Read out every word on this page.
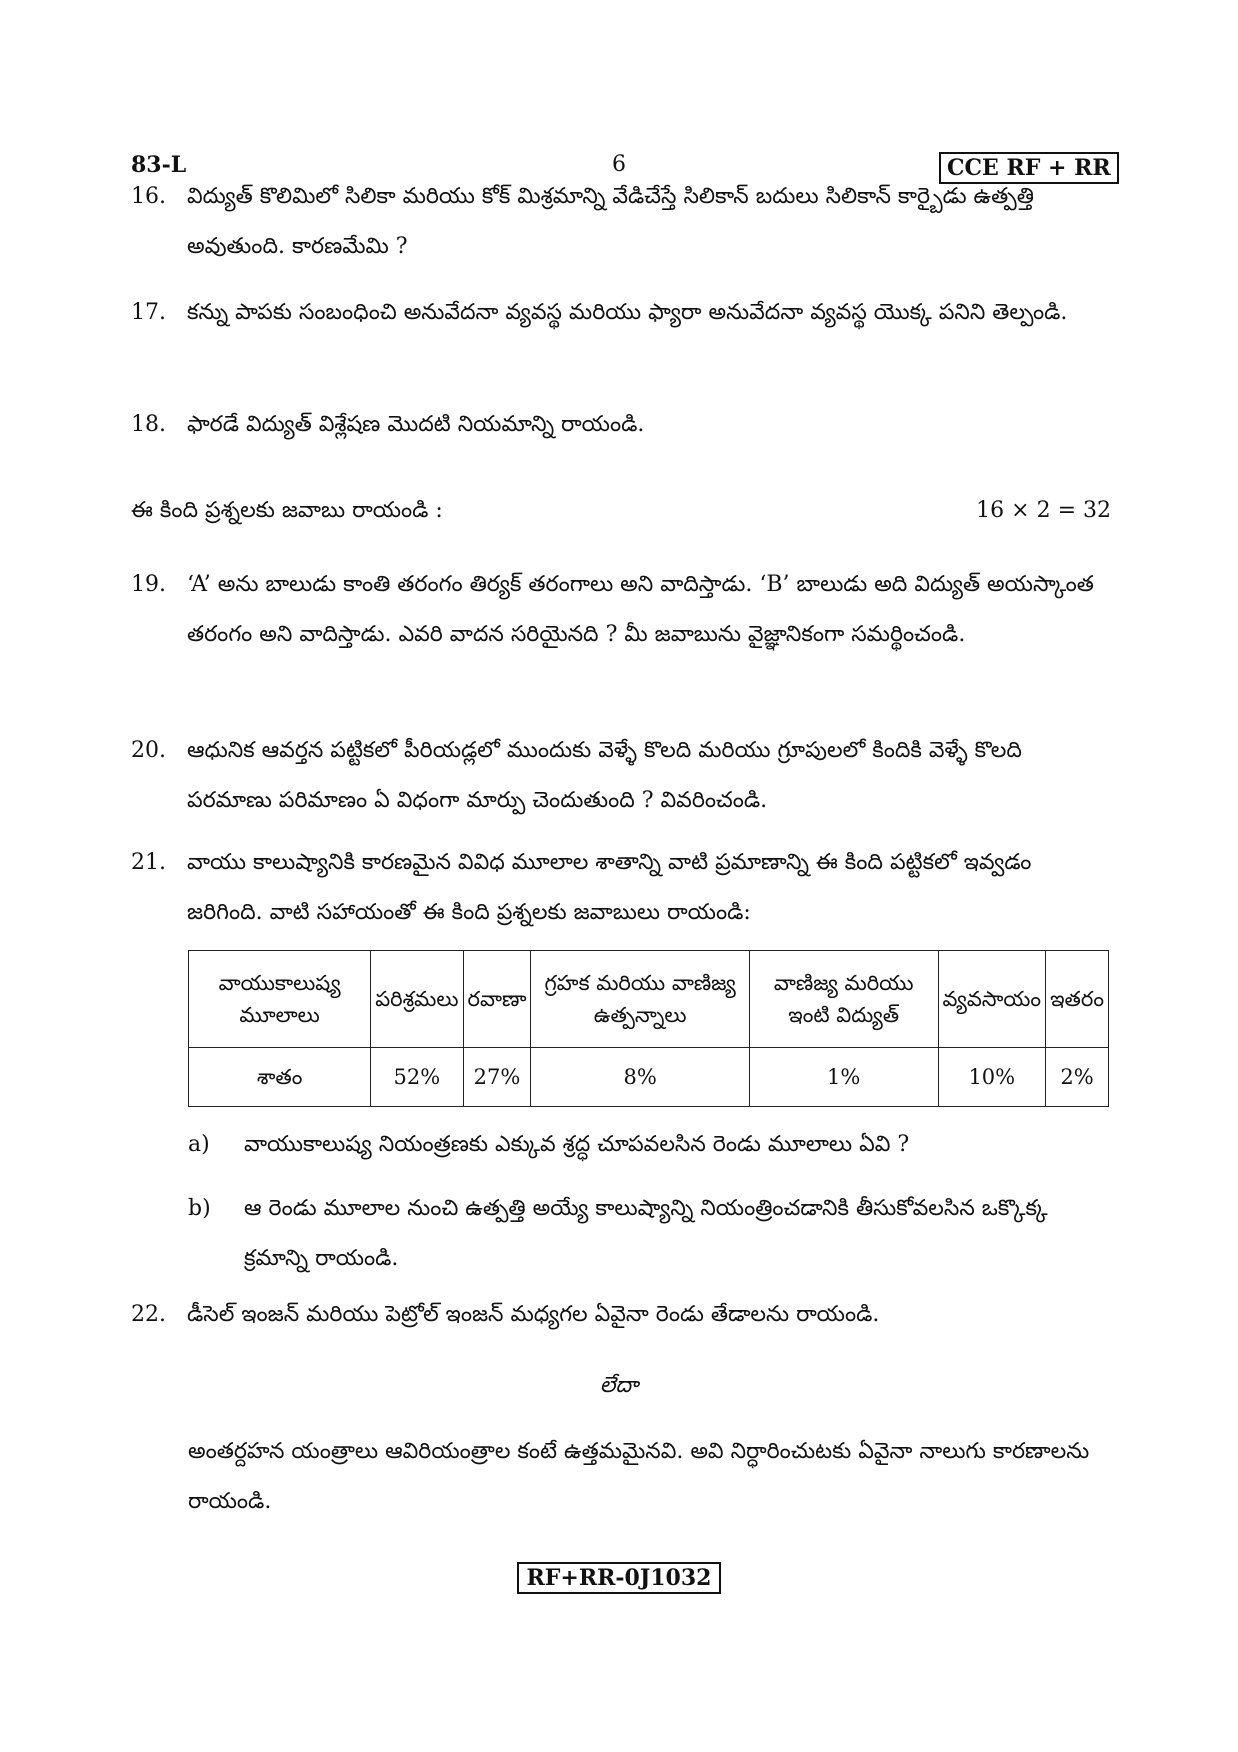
83-L	6	CCE RF + RR
16. విద్యుత్ కొలిమిలో సిలికా మరియు కోక్ మిశ్రమాన్ని వేడిచేస్తే సిలికాన్ బదులు సిలికాన్ కార్బైడు ఉత్పత్తి అవుతుంది. కారణమేమి ?
17. కన్ను పాపకు సంబంధించి అనువేదనా వ్యవస్థ మరియు ఫ్యారా అనువేదనా వ్యవస్థ యొక్క పనిని తెల్పండి.
18. ఫారడే విద్యుత్ విశ్లేషణ మొదటి నియమాన్ని రాయండి.
ఈ కింది ప్రశ్నలకు జవాబు రాయండి :	16 × 2 = 32
19. ‘A’ అను బాలుడు కాంతి తరంగం తిర్యక్ తరంగాలు అని వాదిస్తాడు. ‘B’ బాలుడు అది విద్యుత్ అయస్కాంత తరంగం అని వాదిస్తాడు. ఎవరి వాదన సరియైనది ? మీ జవాబును వైజ్ఞానికంగా సమర్థించండి.
20. ఆధునిక ఆవర్తన పట్టికలో పీరియడ్లలో ముందుకు వెళ్ళే కొలది మరియు గ్రూపులలో కిందికి వెళ్ళే కొలది పరమాణు పరిమాణం ఏ విధంగా మార్పు చెందుతుంది ? వివరించండి.
21. వాయు కాలుష్యానికి కారణమైన వివిధ మూలాల శాతాన్ని వాటి ప్రమాణాన్ని ఈ కింది పట్టికలో ఇవ్వడం జరిగింది. వాటి సహాయంతో ఈ కింది ప్రశ్నలకు జవాబులు రాయండి:
వాయుకాలుష్య మూలాలు	పరిశ్రమలు	రవాణా	గ్రహక మరియు వాణిజ్య ఉత్పన్నాలు	వాణిజ్య మరియు ఇంటి విద్యుత్	వ్యవసాయం	ఇతరం
శాతం	52%	27%	8%	1%	10%	2%
a) వాయుకాలుష్య నియంత్రణకు ఎక్కువ శ్రద్ధ చూపవలసిన రెండు మూలాలు ఏవి ?
b) ఆ రెండు మూలాల నుంచి ఉత్పత్తి అయ్యే కాలుష్యాన్ని నియంత్రించడానికి తీసుకోవలసిన ఒక్కొక్క క్రమాన్ని రాయండి.
22. డీసెల్ ఇంజన్ మరియు పెట్రోల్ ఇంజన్ మధ్యగల ఏవైనా రెండు తేడాలను రాయండి.
లేదా
అంతర్దహన యంత్రాలు ఆవిరియంత్రాల కంటే ఉత్తమమైనవి. అవి నిర్ధారించుటకు ఏవైనా నాలుగు కారణాలను రాయండి.
RF+RR-0J1032
